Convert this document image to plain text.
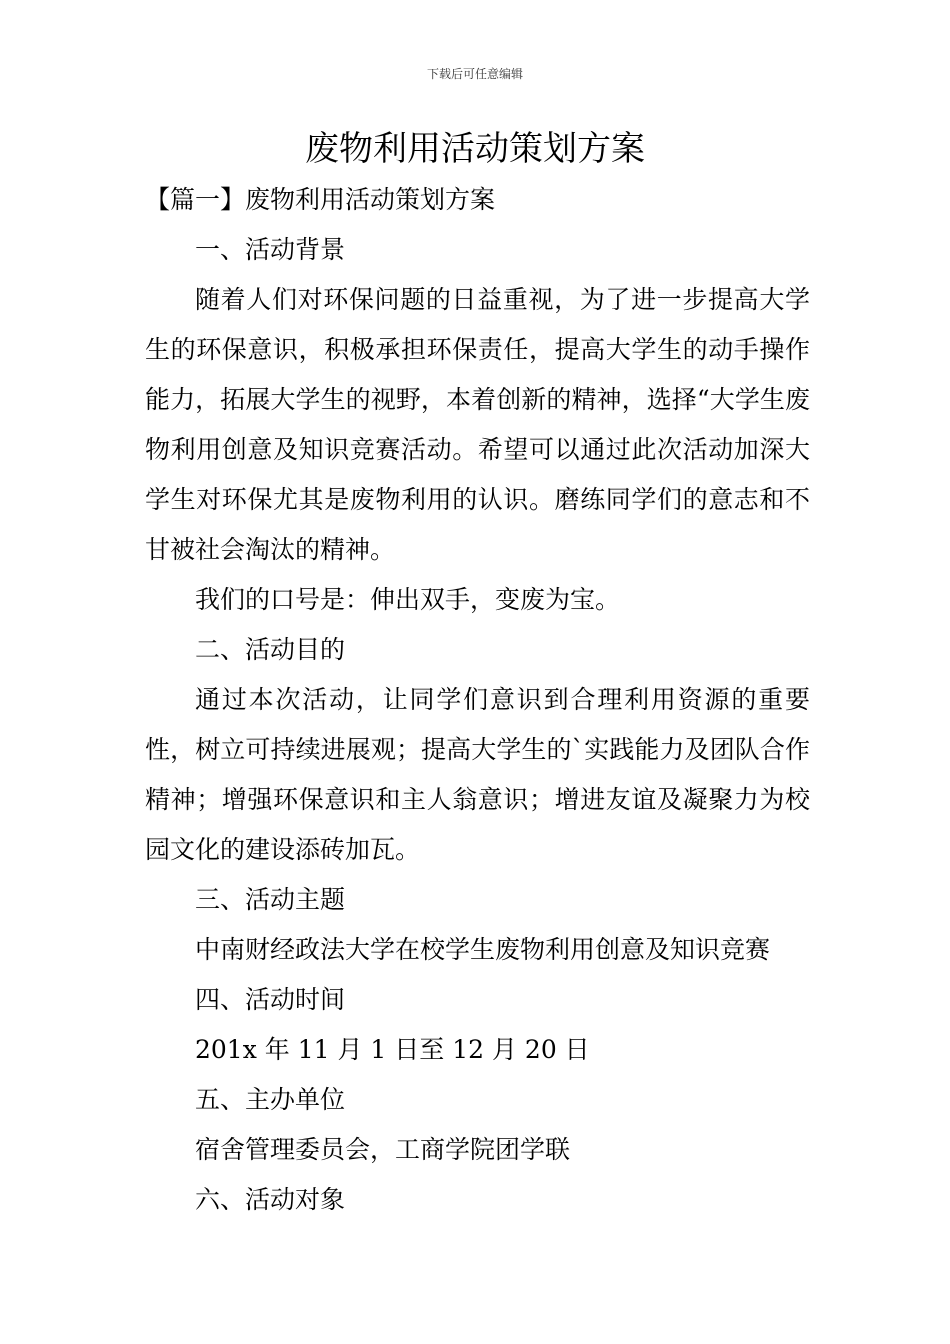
下载后可任意编辑
废物利用活动策划方案

【篇一】废物利用活动策划方案

一、活动背景

随着人们对环保问题的日益重视，为了进一步提高大学生的环保意识，积极承担环保责任，提高大学生的动手操作能力，拓展大学生的视野，本着创新的精神，选择“大学生废物利用创意及知识竞赛活动。希望可以通过此次活动加深大学生对环保尤其是废物利用的认识。磨练同学们的意志和不甘被社会淘汰的精神。

我们的口号是：伸出双手，变废为宝。

二、活动目的

通过本次活动，让同学们意识到合理利用资源的重要性，树立可持续进展观；提高大学生的`实践能力及团队合作精神；增强环保意识和主人翁意识；增进友谊及凝聚力为校园文化的建设添砖加瓦。

三、活动主题

中南财经政法大学在校学生废物利用创意及知识竞赛

四、活动时间

201x 年 11 月 1 日至 12 月 20 日

五、主办单位

宿舍管理委员会，工商学院团学联

六、活动对象
